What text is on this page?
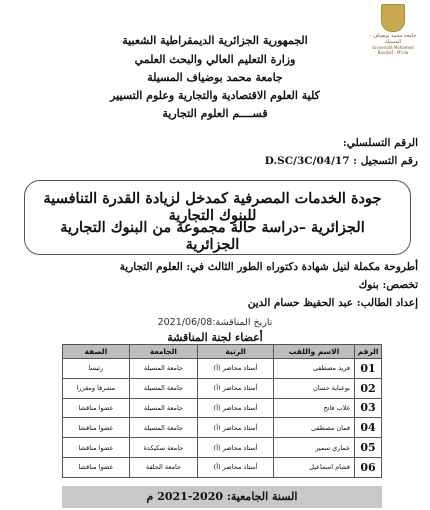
جامعة محمد بوضياف - المسيلة
Université Mohamed Boudiaf - M'sila
الجمهورية الجزائرية الديمقراطية الشعبية
وزارة التعليم العالي والبحث العلمي
جامعة محمد بوضياف المسيلة
كلية العلوم الاقتصادية والتجارية وعلوم التسيير
قســــم العلوم التجارية
الرقم التسلسلي:
رقم التسجيل : D.SC/3C/04/17
جودة الخدمات المصرفية كمدخل لزيادة القدرة التنافسية للبنوك التجارية
الجزائرية –دراسة حالة مجموعة من البنوك التجارية الجزائرية
أطروحة مكملة لنيل شهادة دكتوراه الطور الثالث في: العلوم التجارية
تخصص: بنوك
إعداد الطالب: عبد الحفيظ حسام الدين
تاريخ المناقشة:2021/06/08
أعضاء لجنة المناقشة
الرقم	الاسم واللقب	الرتبة	الجامعة	الصفة
01	فريد مصطفى	أستاذ محاضر (أ)	جامعة المسيلة	رئيسا
02	بوعناية حسان	أستاذ محاضر (أ)	جامعة المسيلة	مشرفا ومقررا
03	غلاب فاتح	أستاذ محاضر (أ)	جامعة المسيلة	عضوا مناقشا
04	قمان مصطفى	أستاذ محاضر (أ)	جامعة المسيلة	عضوا مناقشا
05	عماري سمير	أستاذ محاضر (أ)	جامعة سكيكدة	عضوا مناقشا
06	قشام اسماعيل	أستاذ محاضر (أ)	جامعة الجلفة	عضوا مناقشا
السنة الجامعية: 2020-2021 م
